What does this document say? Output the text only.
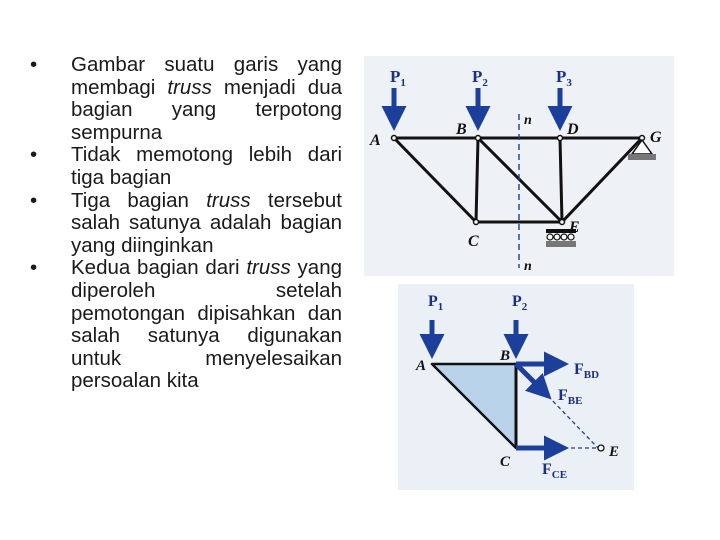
• Gambar suatu garis yang membagi truss menjadi dua bagian yang terpotong sempurna
• Tidak memotong lebih dari tiga bagian
• Tiga bagian truss tersebut salah satunya adalah bagian yang diinginkan
• Kedua bagian dari truss yang diperoleh setelah pemotongan dipisahkan dan salah satunya digunakan untuk menyelesaikan persoalan kita
n
n
$P_1$	$P_2$	$P_3$
A
B	D	G
C
E
$P_1$	$P_2$
A
B
C
E
$F_{BD}$
$F_{BE}$
$F_{CE}$
